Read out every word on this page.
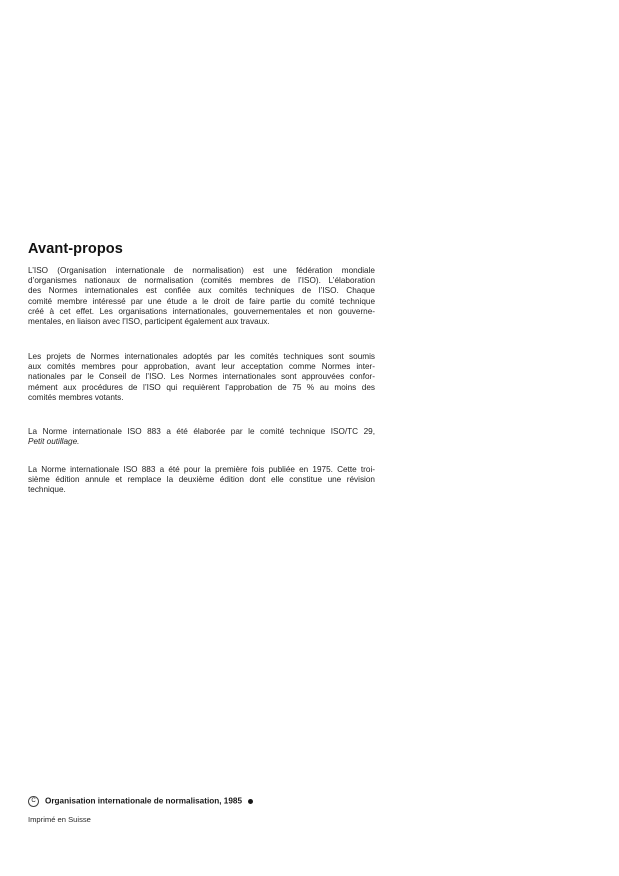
Avant-propos
L’ISO (Organisation internationale de normalisation) est une fédération mondiale
d’organismes nationaux de normalisation (comités membres de l’ISO). L’élaboration
des Normes internationales est confiée aux comités techniques de l’ISO. Chaque
comité membre intéressé par une étude a le droit de faire partie du comité technique
créé à cet effet. Les organisations internationales, gouvernementales et non gouverne-
mentales, en liaison avec l’ISO, participent également aux travaux.
Les projets de Normes internationales adoptés par les comités techniques sont soumis
aux comités membres pour approbation, avant leur acceptation comme Normes inter-
nationales par le Conseil de l’ISO. Les Normes internationales sont approuvées confor-
mément aux procédures de l’ISO qui requièrent l’approbation de 75 % au moins des
comités membres votants.
La Norme internationale ISO 883 a été élaborée par le comité technique ISO/TC 29,
Petit outillage.
La Norme internationale ISO 883 a été pour la première fois publiée en 1975. Cette troi-
sième édition annule et remplace la deuxième édition dont elle constitue une révision
technique.
C Organisation internationale de normalisation, 1985
Imprimé en Suisse
